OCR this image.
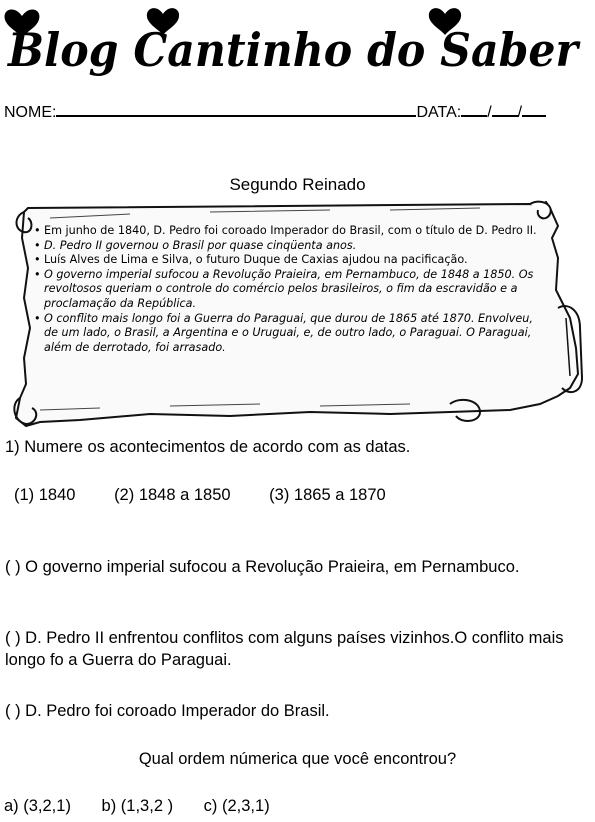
Blog Cantinho do Saber
NOME:	DATA: / /
Segundo Reinado
• Em junho de 1840, D. Pedro foi coroado Imperador do Brasil, com o título de D. Pedro II.
• D. Pedro II governou o Brasil por quase cinqüenta anos.
• Luís Alves de Lima e Silva, o futuro Duque de Caxias ajudou na pacificação.
• O governo imperial sufocou a Revolução Praieira, em Pernambuco, de 1848 a 1850. Os revoltosos queriam o controle do comércio pelos brasileiros, o fim da escravidão e a proclamação da República.
• O conflito mais longo foi a Guerra do Paraguai, que durou de 1865 até 1870. Envolveu, de um lado, o Brasil, a Argentina e o Uruguai, e, de outro lado, o Paraguai. O Paraguai, além de derrotado, foi arrasado.
1) Numere os acontecimentos de acordo com as datas.
(1) 1840 (2) 1848 a 1850 (3) 1865 a 1870
( ) O governo imperial sufocou a Revolução Praieira, em Pernambuco.
( ) D. Pedro II enfrentou conflitos com alguns países vizinhos.O conflito mais longo fo a Guerra do Paraguai.
( ) D. Pedro foi coroado Imperador do Brasil.
Qual ordem númerica que você encontrou?
a) (3,2,1) b) (1,3,2 ) c) (2,3,1)
